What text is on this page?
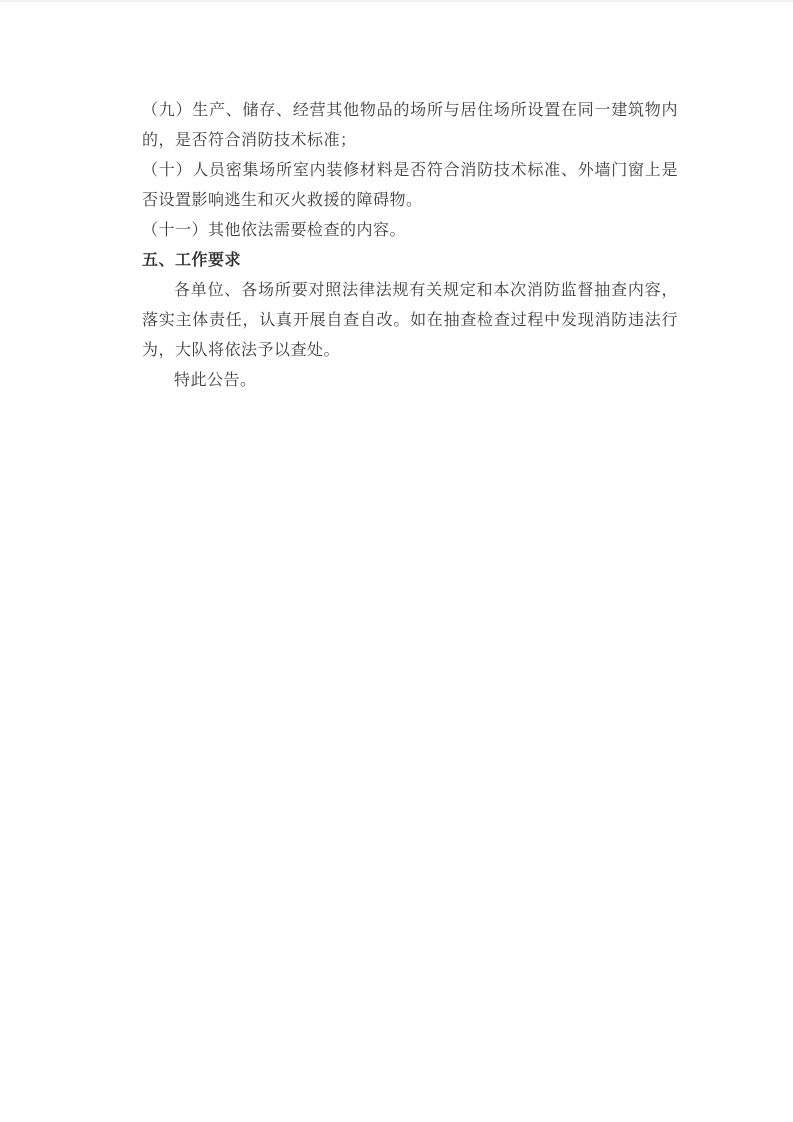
（九）生产、储存、经营其他物品的场所与居住场所设置在同一建筑物内的，是否符合消防技术标准；

（十）人员密集场所室内装修材料是否符合消防技术标准、外墙门窗上是否设置影响逃生和灭火救援的障碍物。

（十一）其他依法需要检查的内容。

五、工作要求

各单位、各场所要对照法律法规有关规定和本次消防监督抽查内容，落实主体责任，认真开展自查自改。如在抽查检查过程中发现消防违法行为，大队将依法予以查处。

特此公告。
